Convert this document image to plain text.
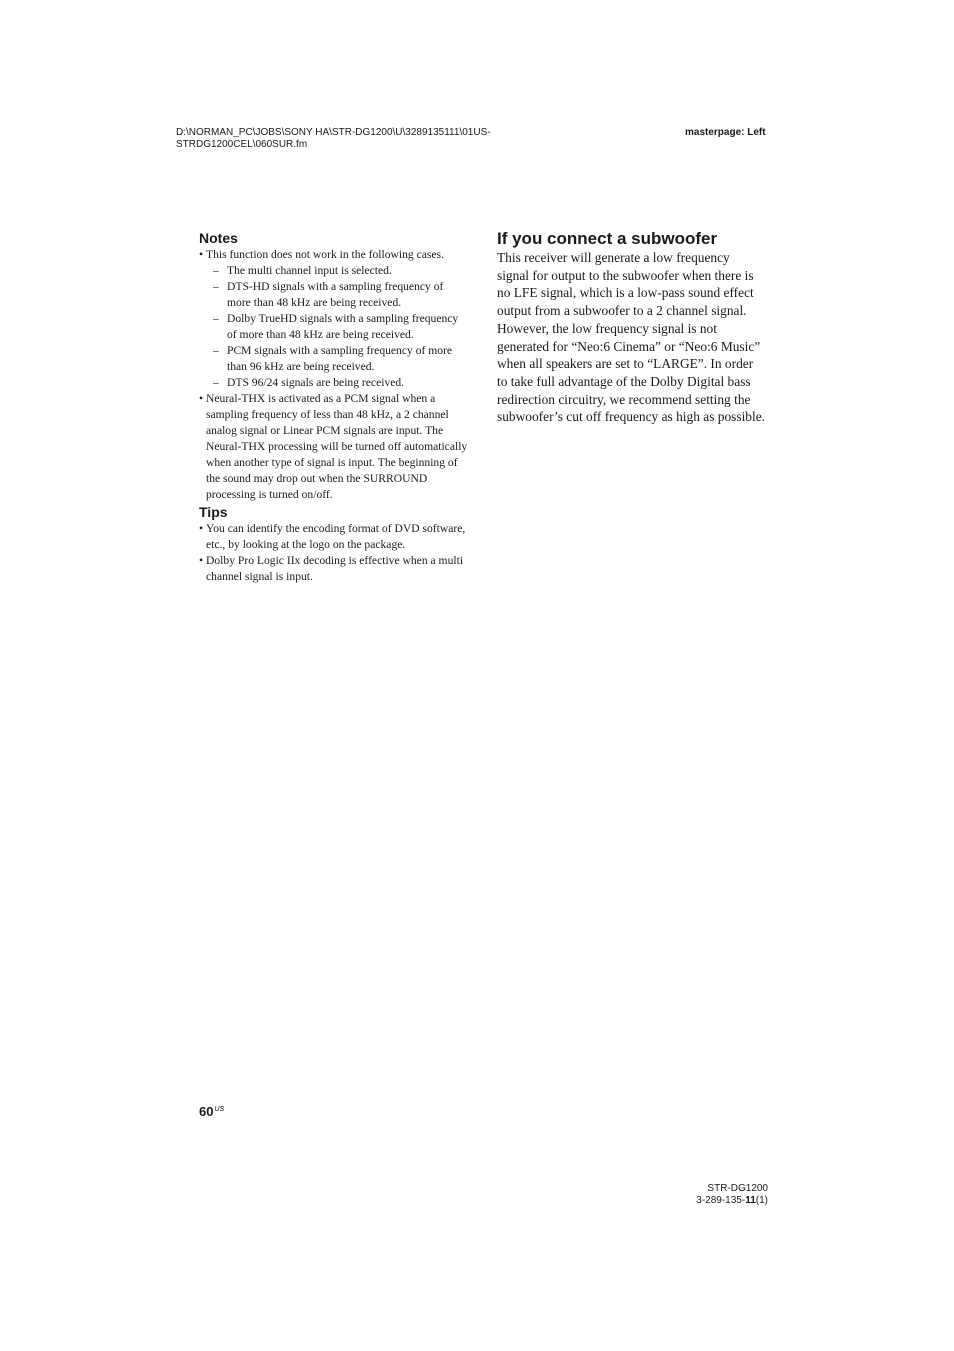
D:\NORMAN_PC\JOBS\SONY HA\STR-DG1200\U\3289135111\01US-
STRDG1200CEL\060SUR.fm
masterpage: Left
Notes
• This function does not work in the following cases.
– The multi channel input is selected.
– DTS-HD signals with a sampling frequency of more than 48 kHz are being received.
– Dolby TrueHD signals with a sampling frequency of more than 48 kHz are being received.
– PCM signals with a sampling frequency of more than 96 kHz are being received.
– DTS 96/24 signals are being received.
• Neural-THX is activated as a PCM signal when a sampling frequency of less than 48 kHz, a 2 channel analog signal or Linear PCM signals are input. The Neural-THX processing will be turned off automatically when another type of signal is input. The beginning of the sound may drop out when the SURROUND processing is turned on/off.
Tips
• You can identify the encoding format of DVD software, etc., by looking at the logo on the package.
• Dolby Pro Logic IIx decoding is effective when a multi channel signal is input.
If you connect a subwoofer

This receiver will generate a low frequency signal for output to the subwoofer when there is no LFE signal, which is a low-pass sound effect output from a subwoofer to a 2 channel signal. However, the low frequency signal is not generated for “Neo:6 Cinema” or “Neo:6 Music” when all speakers are set to “LARGE”. In order to take full advantage of the Dolby Digital bass redirection circuitry, we recommend setting the subwoofer’s cut off frequency as high as possible.

$60^{US}$
STR-DG1200
3-289-135-11(1)
